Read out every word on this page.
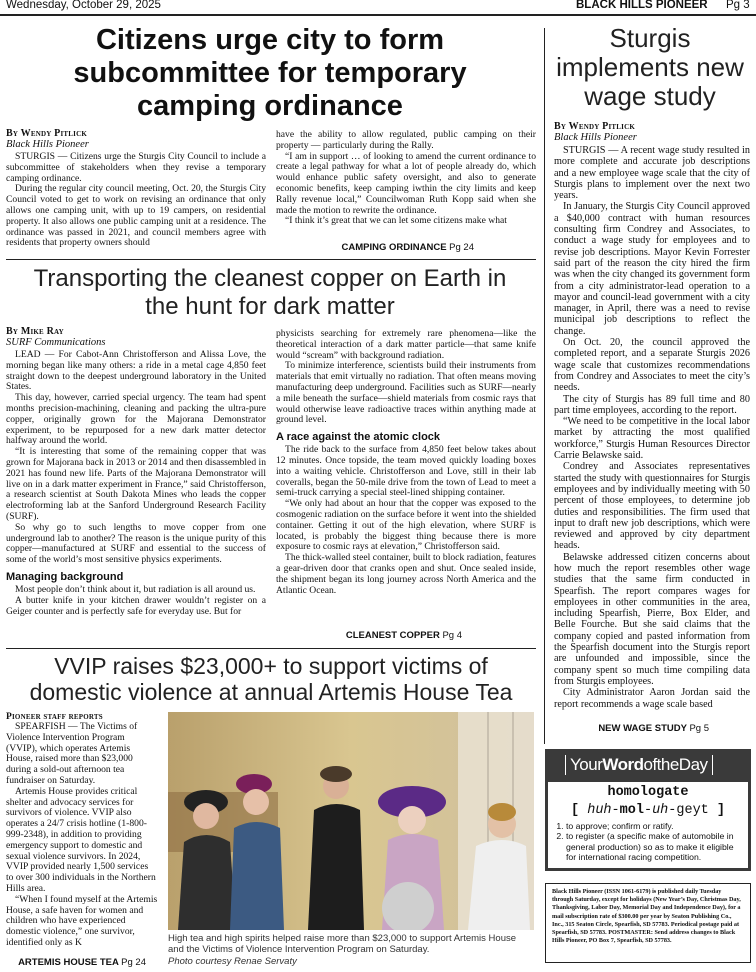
Wednesday, October 29, 2025	BLACK HILLS PIONEER Pg 3
Citizens urge city to form subcommittee for temporary camping ordinance
By Wendy Pitlick
Black Hills Pioneer

STURGIS — Citizens urge the Sturgis City Council to include a subcommittee of stakeholders when they revise a temporary camping ordinance.

During the regular city council meeting, Oct. 20, the Sturgis City Council voted to get to work on revising an ordinance that only allows one camping unit, with up to 19 campers, on residential property. It also allows one public camping unit at a residence. The ordinance was passed in 2021, and council members agree with residents that property owners should

have the ability to allow regulated, public camping on their property — particularly during the Rally.

“I am in support … of looking to amend the current ordinance to create a legal pathway for what a lot of people already do, which would enhance public safety oversight, and also to generate economic benefits, keep camping iwthin the city limits and keep Rally revenue local,” Councilwoman Ruth Kopp said when she made the motion to rewrite the ordinance.

“I think it’s great that we can let some citizens make what

CAMPING ORDINANCE Pg 24
Transporting the cleanest copper on Earth in the hunt for dark matter
By Mike Ray
SURF Communications

LEAD — For Cabot-Ann Christofferson and Alissa Love, the morning began like many others: a ride in a metal cage 4,850 feet straight down to the deepest underground laboratory in the United States.

This day, however, carried special urgency. The team had spent months precision-machining, cleaning and packing the ultra-pure copper, originally grown for the Majorana Demonstrator experiment, to be repurposed for a new dark matter detector halfway around the world.

“It is interesting that some of the remaining copper that was grown for Majorana back in 2013 or 2014 and then disassembled in 2021 has found new life. Parts of the Majorana Demonstrator will live on in a dark matter experiment in France,” said Christofferson, a research scientist at South Dakota Mines who leads the copper electroforming lab at the Sanford Underground Research Facility (SURF).

So why go to such lengths to move copper from one underground lab to another? The reason is the unique purity of this copper—manufactured at SURF and essential to the success of some of the world’s most sensitive physics experiments.

Managing background

Most people don’t think about it, but radiation is all around us.

A butter knife in your kitchen drawer wouldn’t register on a Geiger counter and is perfectly safe for everyday use. But for

physicists searching for extremely rare phenomena—like the theoretical interaction of a dark matter particle—that same knife would “scream” with background radiation.

To minimize interference, scientists build their instruments from materials that emit virtually no radiation. That often means moving manufacturing deep underground. Facilities such as SURF—nearly a mile beneath the surface—shield materials from cosmic rays that would otherwise leave radioactive traces within anything made at ground level.

A race against the atomic clock

The ride back to the surface from 4,850 feet below takes about 12 minutes. Once topside, the team moved quickly loading boxes into a waiting vehicle. Christofferson and Love, still in their lab coveralls, began the 50-mile drive from the town of Lead to meet a semi-truck carrying a special steel-lined shipping container.

“We only had about an hour that the copper was exposed to the cosmogenic radiation on the surface before it went into the shielded container. Getting it out of the high elevation, where SURF is located, is probably the biggest thing because there is more exposure to cosmic rays at elevation,” Christofferson said.

The thick-walled steel container, built to block radiation, features a gear-driven door that cranks open and shut. Once sealed inside, the shipment began its long journey across North America and the Atlantic Ocean.

CLEANEST COPPER Pg 4
VVIP raises $23,000+ to support victims of domestic violence at annual Artemis House Tea
Pioneer staff reports

SPEARFISH — The Victims of Violence Intervention Program (VVIP), which operates Artemis House, raised more than $23,000 during a sold-out afternoon tea fundraiser on Saturday.

Artemis House provides critical shelter and advocacy services for survivors of violence. VVIP also operates a 24/7 crisis hotline (1-800-999-2348), in addition to providing emergency support to domestic and sexual violence survivors. In 2024, VVIP provided nearly 1,500 services to over 300 individuals in the Northern Hills area.

“When I found myself at the Artemis House, a safe haven for women and children who have experienced domestic violence,” one survivor, identified only as K

ARTEMIS HOUSE TEA Pg 24
High tea and high spirits helped raise more than $23,000 to support Artemis House and the Victims of Violence Intervention Program on Saturday.
Photo courtesy Renae Servaty
Sturgis implements new wage study
By Wendy Pitlick
Black Hills Pioneer

STURGIS — A recent wage study resulted in more complete and accurate job descriptions and a new employee wage scale that the city of Sturgis plans to implement over the next two years.

In January, the Sturgis City Council approved a $40,000 contract with human resources consulting firm Condrey and Associates, to conduct a wage study for employees and to revise job descriptions. Mayor Kevin Forrester said part of the reason the city hired the firm was when the city changed its government form from a city administrator-lead operation to a mayor and council-lead government with a city manager, in April, there was a need to revise municipal job descriptions to reflect the change.

On Oct. 20, the council approved the completed report, and a separate Sturgis 2026 wage scale that customizes recommendations from Condrey and Associates to meet the city’s needs.

The city of Sturgis has 89 full time and 80 part time employees, according to the report.

“We need to be competitive in the local labor market by attracting the most qualified workforce,” Sturgis Human Resources Director Carrie Belawske said.

Condrey and Associates representatives started the study with questionnaires for Sturgis employees and by individually meeting with 50 percent of those employees, to determine job duties and responsibilities. The firm used that input to draft new job descriptions, which were reviewed and approved by city department heads.

Belawske addressed citizen concerns about how much the report resembles other wage studies that the same firm conducted in Spearfish. The report compares wages for employees in other communities in the area, including Spearfish, Pierre, Box Elder, and Belle Fourche. But she said claims that the company copied and pasted information from the Spearfish document into the Sturgis report are unfounded and impossible, since the company spent so much time compiling data from Sturgis employees.

City Administrator Aaron Jordan said the report recommends a wage scale based

NEW WAGE STUDY Pg 5
YourWordoftheDay
homologate
[ huh-mol-uh-geyt ]
1. to approve; confirm or ratify.
2. to register (a specific make of automobile in general production) so as to make it eligible for international racing competition.
Black Hills Pioneer (ISSN 1061-6179) is published daily Tuesday through Saturday, except for holidays (New Year’s Day, Christmas Day, Thanksgiving, Labor Day, Memorial Day and Independence Day), for a mail subscription rate of $300.00 per year by Seaton Publishing Co., Inc., 315 Seaton Circle, Spearfish, SD 57783. Periodical postage paid at Spearfish, SD 57783. POSTMASTER: Send address changes to Black Hills Pioneer, PO Box 7, Spearfish, SD 57783.
